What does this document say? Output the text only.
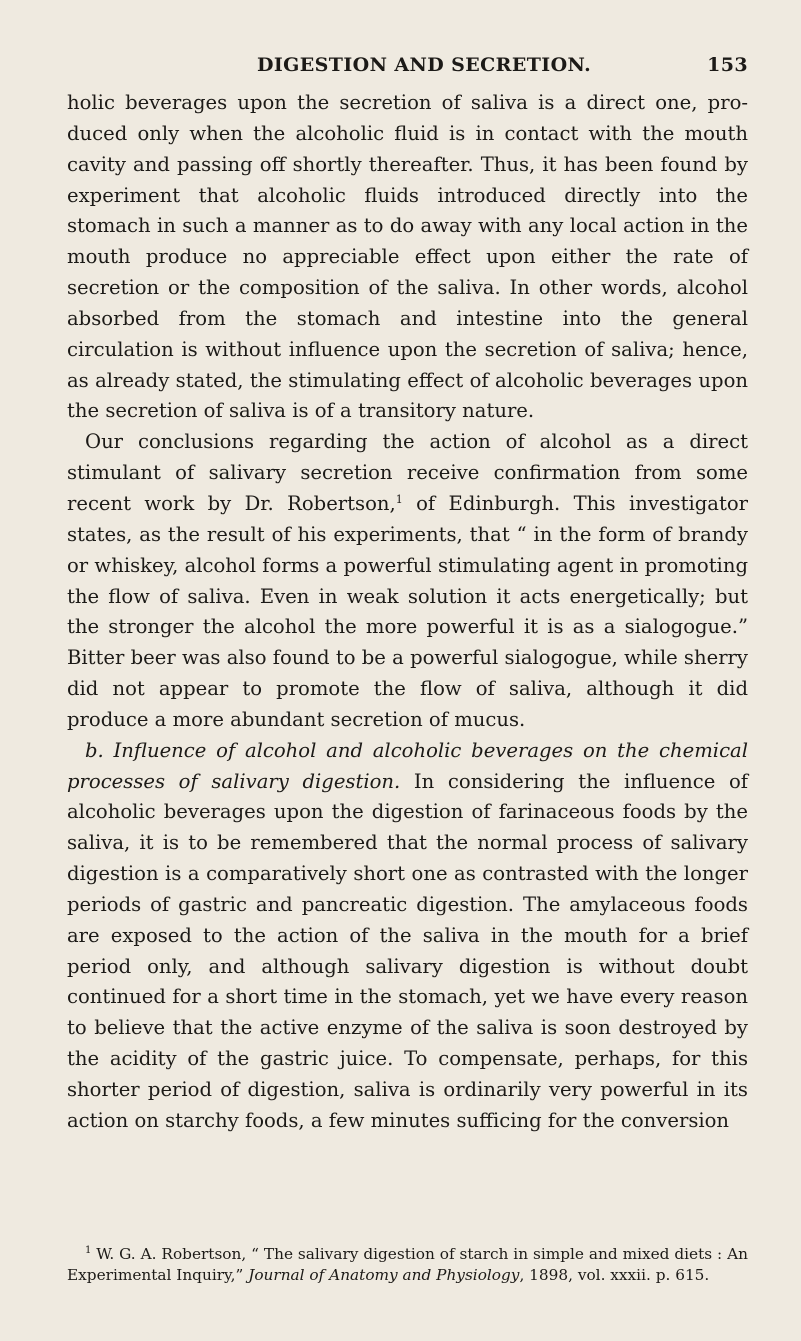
DIGESTION AND SECRETION.	153

holic beverages upon the secretion of saliva is a direct one, produced only when the alcoholic fluid is in contact with the mouth cavity and passing off shortly thereafter. Thus, it has been found by experiment that alcoholic fluids introduced directly into the stomach in such a manner as to do away with any local action in the mouth produce no appreciable effect upon either the rate of secretion or the composition of the saliva. In other words, alcohol absorbed from the stomach and intestine into the general circulation is without influence upon the secretion of saliva; hence, as already stated, the stimulating effect of alcoholic beverages upon the secretion of saliva is of a transitory nature.

Our conclusions regarding the action of alcohol as a direct stimulant of salivary secretion receive confirmation from some recent work by Dr. Robertson,$^1$ of Edinburgh. This investigator states, as the result of his experiments, that “ in the form of brandy or whiskey, alcohol forms a powerful stimulating agent in promoting the flow of saliva. Even in weak solution it acts energetically; but the stronger the alcohol the more powerful it is as a sialogogue.” Bitter beer was also found to be a powerful sialogogue, while sherry did not appear to promote the flow of saliva, although it did produce a more abundant secretion of mucus.

b. Influence of alcohol and alcoholic beverages on the chemical processes of salivary digestion. In considering the influence of alcoholic beverages upon the digestion of farinaceous foods by the saliva, it is to be remembered that the normal process of salivary digestion is a comparatively short one as contrasted with the longer periods of gastric and pancreatic digestion. The amylaceous foods are exposed to the action of the saliva in the mouth for a brief period only, and although salivary digestion is without doubt continued for a short time in the stomach, yet we have every reason to believe that the active enzyme of the saliva is soon destroyed by the acidity of the gastric juice. To compensate, perhaps, for this shorter period of digestion, saliva is ordinarily very powerful in its action on starchy foods, a few minutes sufficing for the conversion

$^1$ W. G. A. Robertson, “ The salivary digestion of starch in simple and mixed diets : An Experimental Inquiry,” Journal of Anatomy and Physiology, 1898, vol. xxxii. p. 615.
